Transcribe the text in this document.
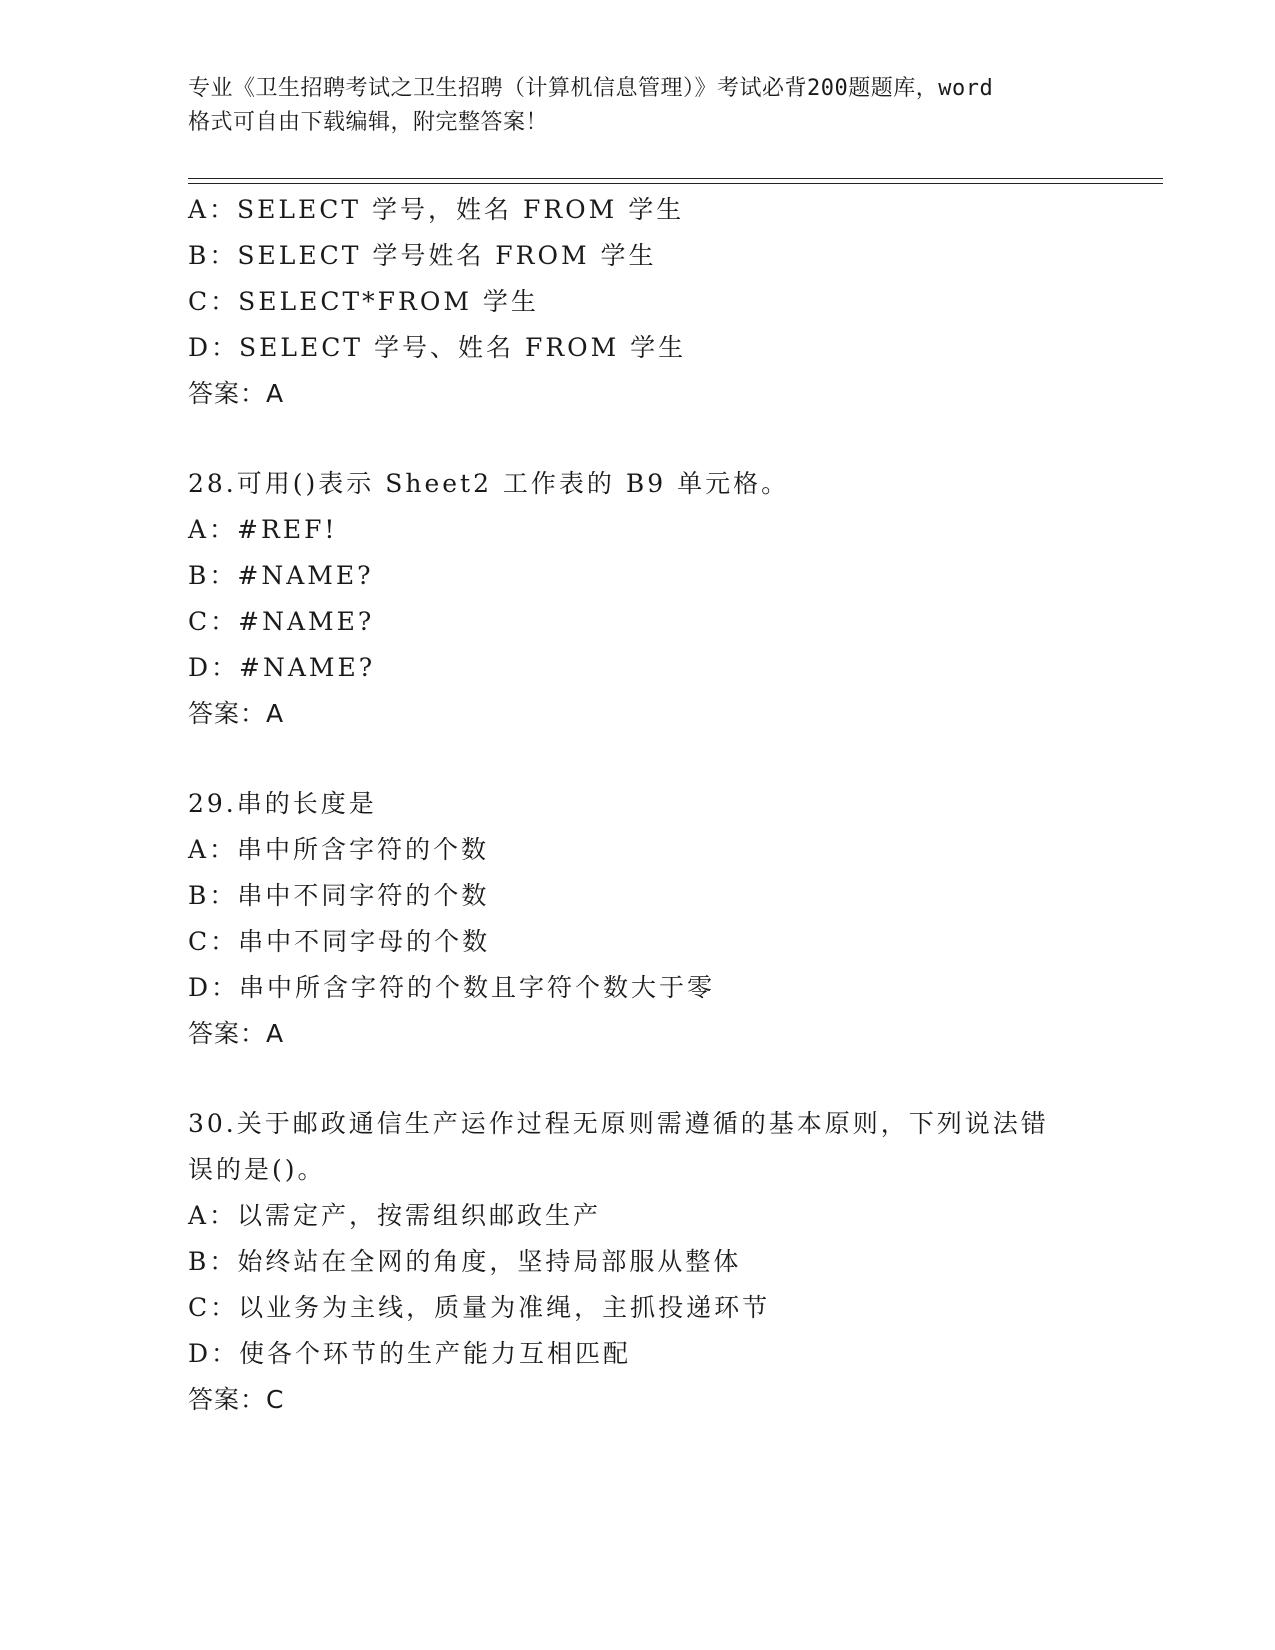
专业《卫生招聘考试之卫生招聘（计算机信息管理）》考试必背200题题库，word
格式可自由下载编辑，附完整答案！
A：SELECT 学号，姓名 FROM 学生
B：SELECT 学号姓名 FROM 学生
C：SELECT*FROM 学生
D：SELECT 学号、姓名 FROM 学生
答案：A
28.可用()表示 Sheet2 工作表的 B9 单元格。
A：#REF!
B：#NAME?
C：#NAME?
D：#NAME?
答案：A
29.串的长度是
A：串中所含字符的个数
B：串中不同字符的个数
C：串中不同字母的个数
D：串中所含字符的个数且字符个数大于零
答案：A
30.关于邮政通信生产运作过程无原则需遵循的基本原则，下列说法错误的是()。
A：以需定产，按需组织邮政生产
B：始终站在全网的角度，坚持局部服从整体
C：以业务为主线，质量为准绳，主抓投递环节
D：使各个环节的生产能力互相匹配
答案：C
